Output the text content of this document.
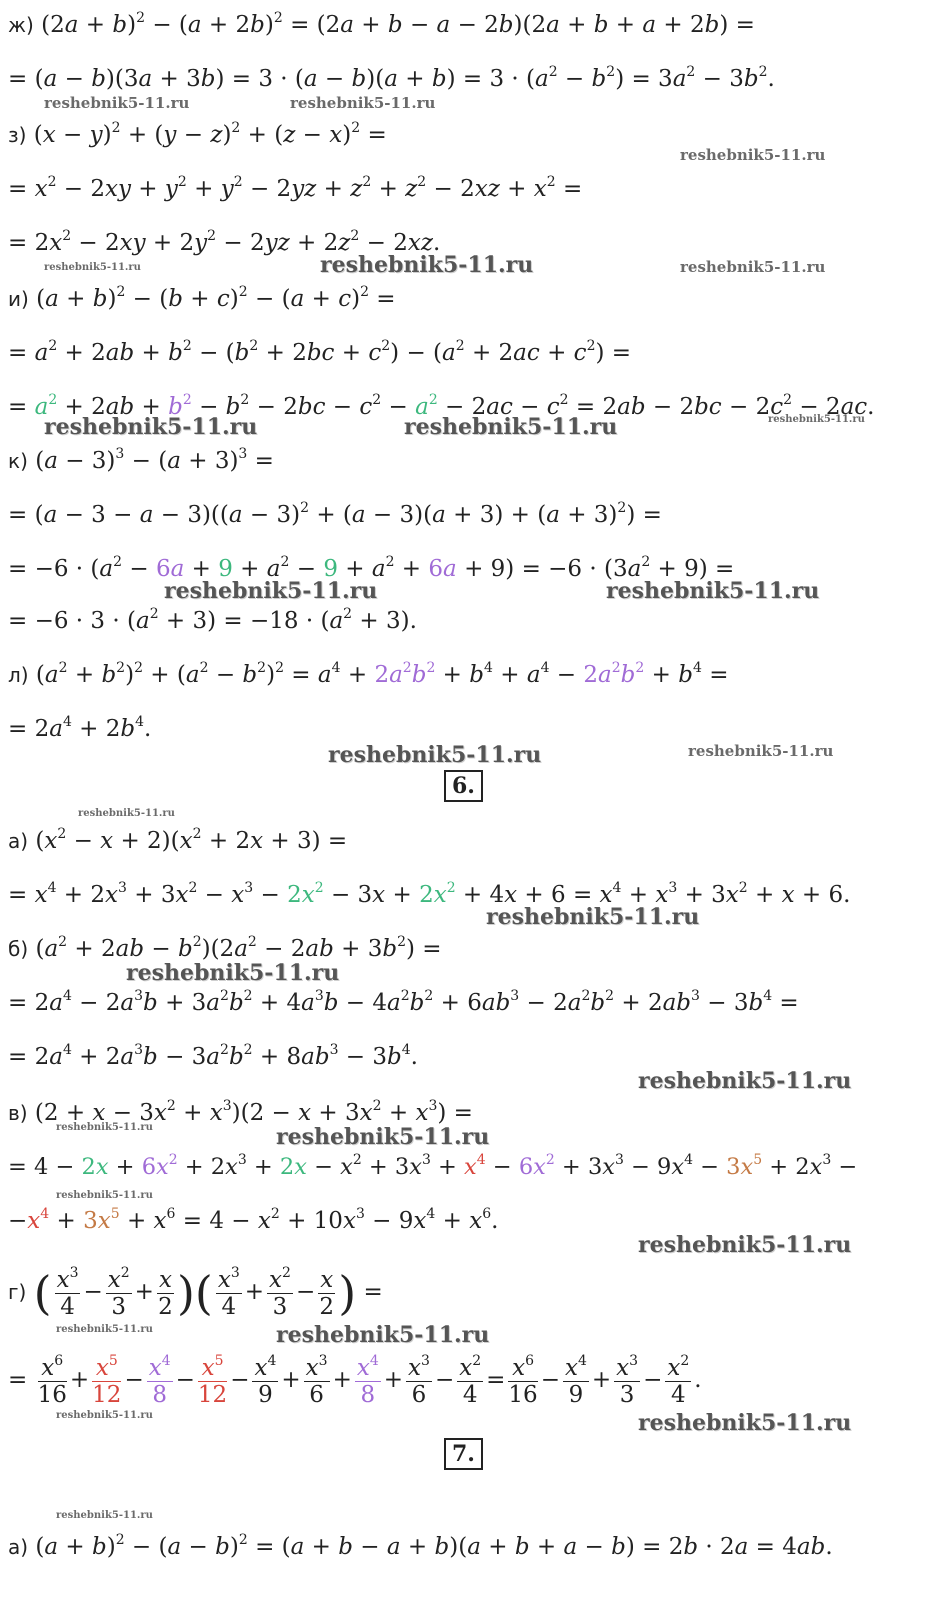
ж) $(2a + b)^2 - (a + 2b)^2 = (2a + b - a - 2b)(2a + b + a + 2b)$ =
= $(a - b)(3a + 3b) = 3 \cdot (a - b)(a + b) = 3 \cdot (a^2 - b^2) = 3a^2 - 3b^2$.
з) $(x - y)^2 + (y - z)^2 + (z - x)^2$ =
= $x^2 - 2xy + y^2 + y^2 - 2yz + z^2 + z^2 - 2xz + x^2$ =
= $2x^2 - 2xy + 2y^2 - 2yz + 2z^2 - 2xz$.
и) $(a + b)^2 - (b + c)^2 - (a + c)^2$ =
= $a^2 + 2ab + b^2 - (b^2 + 2bc + c^2) - (a^2 + 2ac + c^2)$ =
= $a^2 + 2ab + b^2 - b^2 - 2bc - c^2 - a^2 - 2ac - c^2 = 2ab - 2bc - 2c^2 - 2ac$.
к) $(a - 3)^3 - (a + 3)^3$ =
= $(a - 3 - a - 3)((a - 3)^2 + (a - 3)(a + 3) + (a + 3)^2)$ =
= $-6 \cdot (a^2 - 6a + 9 + a^2 - 9 + a^2 + 6a + 9) = -6 \cdot (3a^2 + 9)$ =
= $-6 \cdot 3 \cdot (a^2 + 3) = -18 \cdot (a^2 + 3)$.
л) $(a^2 + b^2)^2 + (a^2 - b^2)^2 = a^4 + 2a^2b^2 + b^4 + a^4 - 2a^2b^2 + b^4$ =
= $2a^4 + 2b^4$.
6.
а) $(x^2 - x + 2)(x^2 + 2x + 3)$ =
= $x^4 + 2x^3 + 3x^2 - x^3 - 2x^2 - 3x + 2x^2 + 4x + 6 = x^4 + x^3 + 3x^2 + x + 6$.
б) $(a^2 + 2ab - b^2)(2a^2 - 2ab + 3b^2)$ =
= $2a^4 - 2a^3b + 3a^2b^2 + 4a^3b - 4a^2b^2 + 6ab^3 - 2a^2b^2 + 2ab^3 - 3b^4$ =
= $2a^4 + 2a^3b - 3a^2b^2 + 8ab^3 - 3b^4$.
в) $(2 + x - 3x^2 + x^3)(2 - x + 3x^2 + x^3)$ =
= $4 - 2x + 6x^2 + 2x^3 + 2x - x^2 + 3x^3 + x^4 - 6x^2 + 3x^3 - 9x^4 - 3x^5 + 2x^3$ −
$-x^4 + 3x^5 + x^6 = 4 - x^2 + 10x^3 - 9x^4 + x^6$.
г) ( $\frac{x^3}{4} - \frac{x^2}{3} + \frac{x}{2}$ )( $\frac{x^3}{4} + \frac{x^2}{3} - \frac{x}{2}$ ) =
= $\frac{x^6}{16} + \frac{x^5}{12} - \frac{x^4}{8} - \frac{x^5}{12} - \frac{x^4}{9} + \frac{x^3}{6} + \frac{x^4}{8} + \frac{x^3}{6} - \frac{x^2}{4} = \frac{x^6}{16} - \frac{x^4}{9} + \frac{x^3}{3} - \frac{x^2}{4}$ .
7.
а) $(a + b)^2 - (a - b)^2 = (a + b - a + b)(a + b + a - b) = 2b \cdot 2a = 4ab$.
reshebnik5-11.ru	reshebnik5-11.ru
reshebnik5-11.ru
reshebnik5-11.ru	reshebnik5-11.ru	reshebnik5-11.ru
reshebnik5-11.ru	reshebnik5-11.ru	reshebnik5-11.ru
reshebnik5-11.ru	reshebnik5-11.ru
reshebnik5-11.ru	reshebnik5-11.ru
reshebnik5-11.ru
reshebnik5-11.ru
reshebnik5-11.ru
reshebnik5-11.ru
reshebnik5-11.ru	reshebnik5-11.ru
reshebnik5-11.ru
reshebnik5-11.ru
reshebnik5-11.ru	reshebnik5-11.ru
reshebnik5-11.ru	reshebnik5-11.ru
reshebnik5-11.ru
